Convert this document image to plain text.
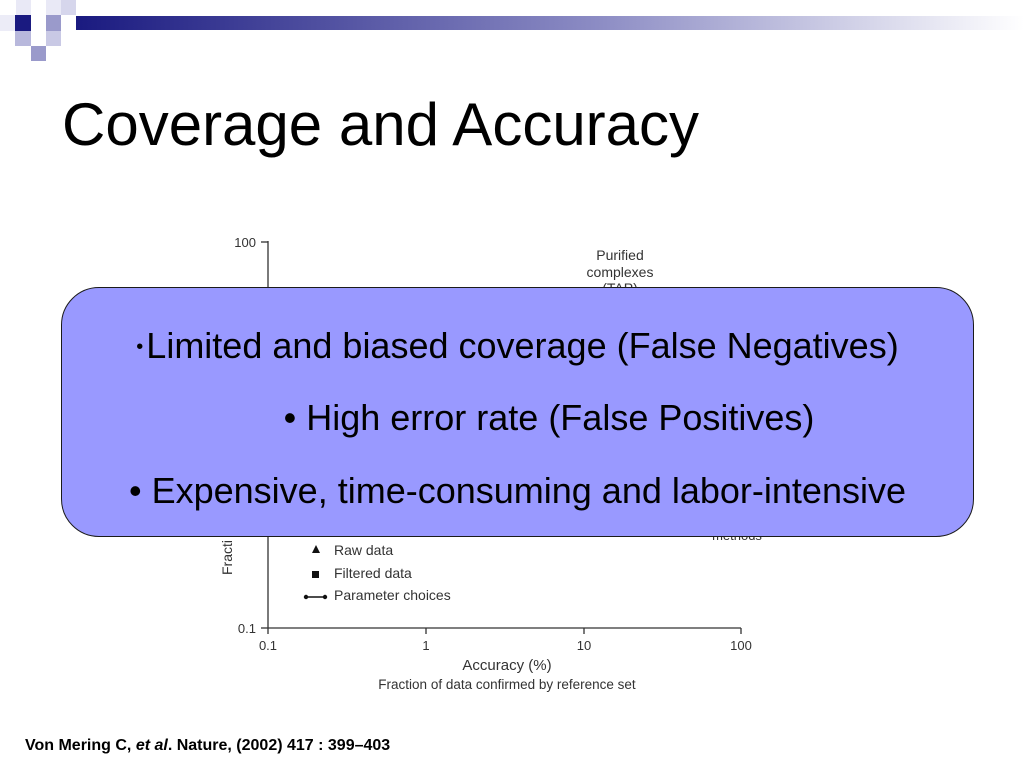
Coverage and Accuracy
100
0.1
0.1	1	10	100
Accuracy (%)
Fraction of data confirmed by reference set
Fracti
Purified
complexes
Raw data
Filtered data
Parameter choices
•Limited and biased coverage (False Negatives)
• High error rate (False Positives)
• Expensive, time-consuming and labor-intensive
Von Mering C, et al. Nature, (2002) 417 : 399–403
